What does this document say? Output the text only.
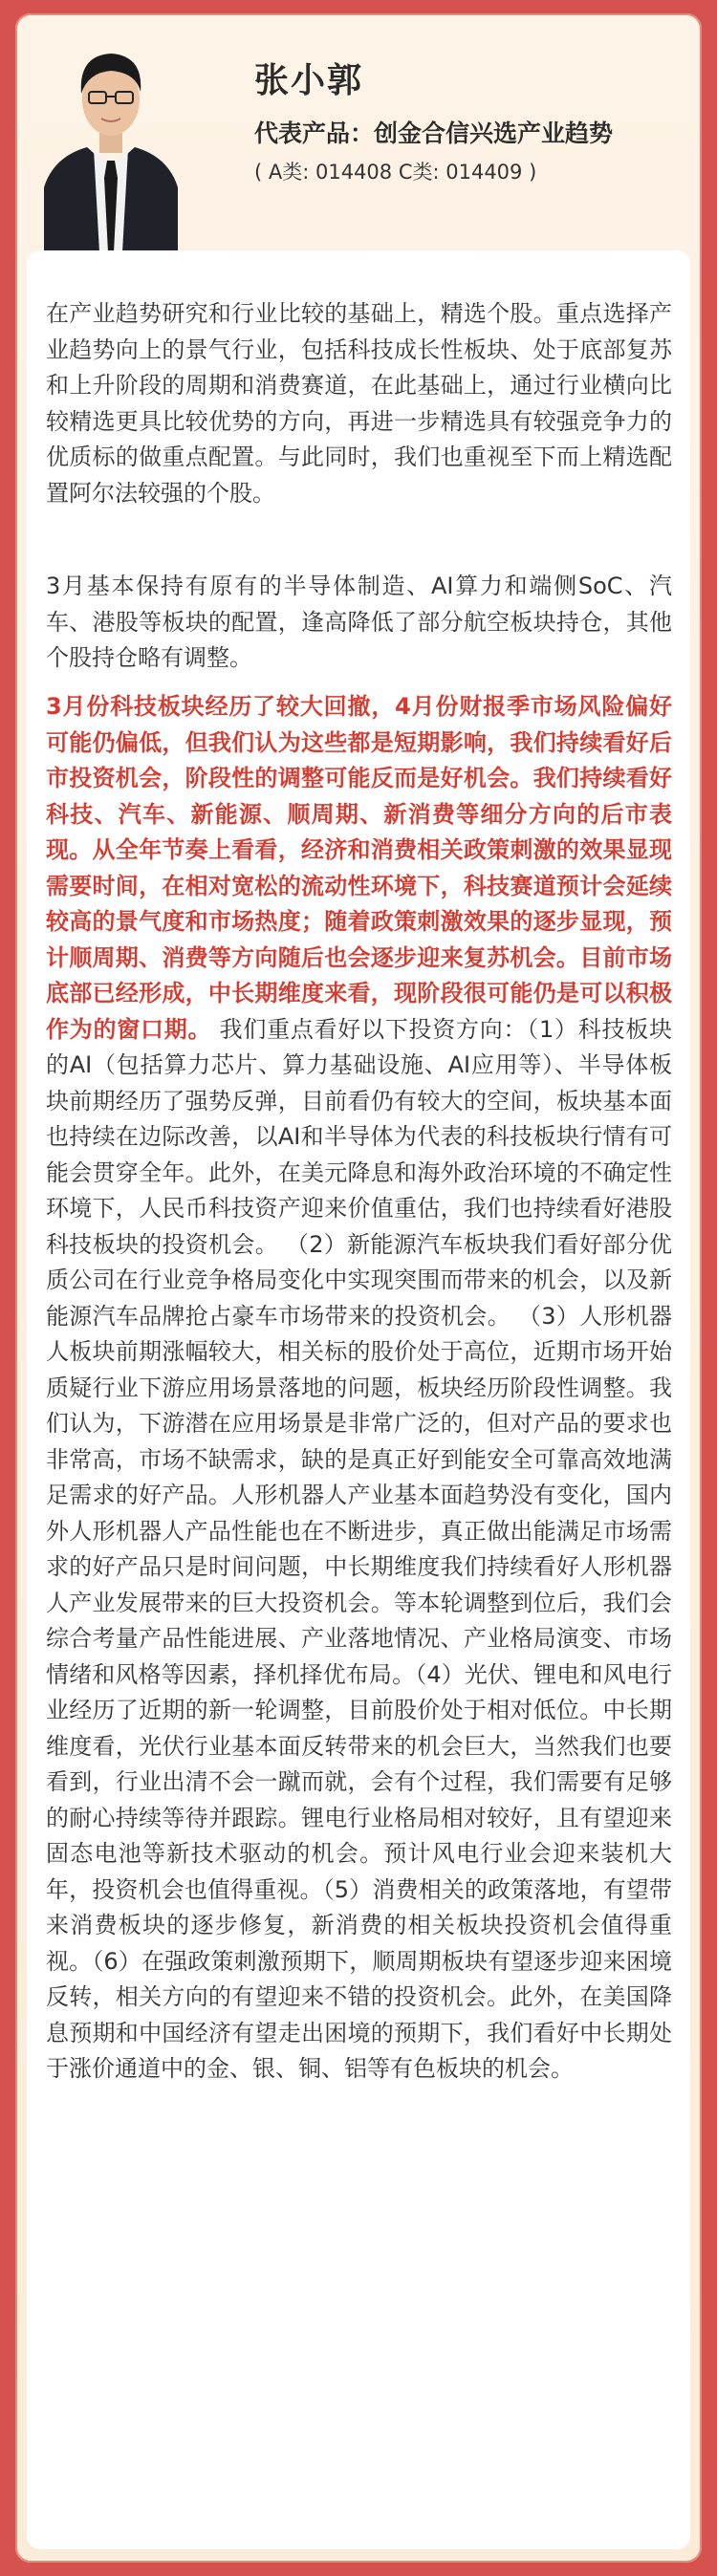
张小郭
代表产品：创金合信兴选产业趋势
( A类: 014408 C类: 014409 )

在产业趋势研究和行业比较的基础上，精选个股。重点选择产业趋势向上的景气行业，包括科技成长性板块、处于底部复苏和上升阶段的周期和消费赛道，在此基础上，通过行业横向比较精选更具比较优势的方向，再进一步精选具有较强竞争力的优质标的做重点配置。与此同时，我们也重视至下而上精选配置阿尔法较强的个股。

3月基本保持有原有的半导体制造、AI算力和端侧SoC、汽车、港股等板块的配置，逢高降低了部分航空板块持仓，其他个股持仓略有调整。

3月份科技板块经历了较大回撤，4月份财报季市场风险偏好可能仍偏低，但我们认为这些都是短期影响，我们持续看好后市投资机会，阶段性的调整可能反而是好机会。我们持续看好科技、汽车、新能源、顺周期、新消费等细分方向的后市表现。从全年节奏上看看，经济和消费相关政策刺激的效果显现需要时间，在相对宽松的流动性环境下，科技赛道预计会延续较高的景气度和市场热度；随着政策刺激效果的逐步显现，预计顺周期、消费等方向随后也会逐步迎来复苏机会。目前市场底部已经形成，中长期维度来看，现阶段很可能仍是可以积极作为的窗口期。 我们重点看好以下投资方向：（1）科技板块的AI（包括算力芯片、算力基础设施、AI应用等）、半导体板块前期经历了强势反弹，目前看仍有较大的空间，板块基本面也持续在边际改善，以AI和半导体为代表的科技板块行情有可能会贯穿全年。此外，在美元降息和海外政治环境的不确定性环境下，人民币科技资产迎来价值重估，我们也持续看好港股科技板块的投资机会。 （2）新能源汽车板块我们看好部分优质公司在行业竞争格局变化中实现突围而带来的机会，以及新能源汽车品牌抢占豪车市场带来的投资机会。 （3）人形机器人板块前期涨幅较大，相关标的股价处于高位，近期市场开始质疑行业下游应用场景落地的问题，板块经历阶段性调整。我们认为，下游潜在应用场景是非常广泛的，但对产品的要求也非常高，市场不缺需求，缺的是真正好到能安全可靠高效地满足需求的好产品。人形机器人产业基本面趋势没有变化，国内外人形机器人产品性能也在不断进步，真正做出能满足市场需求的好产品只是时间问题，中长期维度我们持续看好人形机器人产业发展带来的巨大投资机会。等本轮调整到位后，我们会综合考量产品性能进展、产业落地情况、产业格局演变、市场情绪和风格等因素，择机择优布局。（4）光伏、锂电和风电行业经历了近期的新一轮调整，目前股价处于相对低位。中长期维度看，光伏行业基本面反转带来的机会巨大，当然我们也要看到，行业出清不会一蹴而就，会有个过程，我们需要有足够的耐心持续等待并跟踪。锂电行业格局相对较好，且有望迎来固态电池等新技术驱动的机会。预计风电行业会迎来装机大年，投资机会也值得重视。（5）消费相关的政策落地，有望带来消费板块的逐步修复，新消费的相关板块投资机会值得重视。（6）在强政策刺激预期下，顺周期板块有望逐步迎来困境反转，相关方向的有望迎来不错的投资机会。此外，在美国降息预期和中国经济有望走出困境的预期下，我们看好中长期处于涨价通道中的金、银、铜、铝等有色板块的机会。
